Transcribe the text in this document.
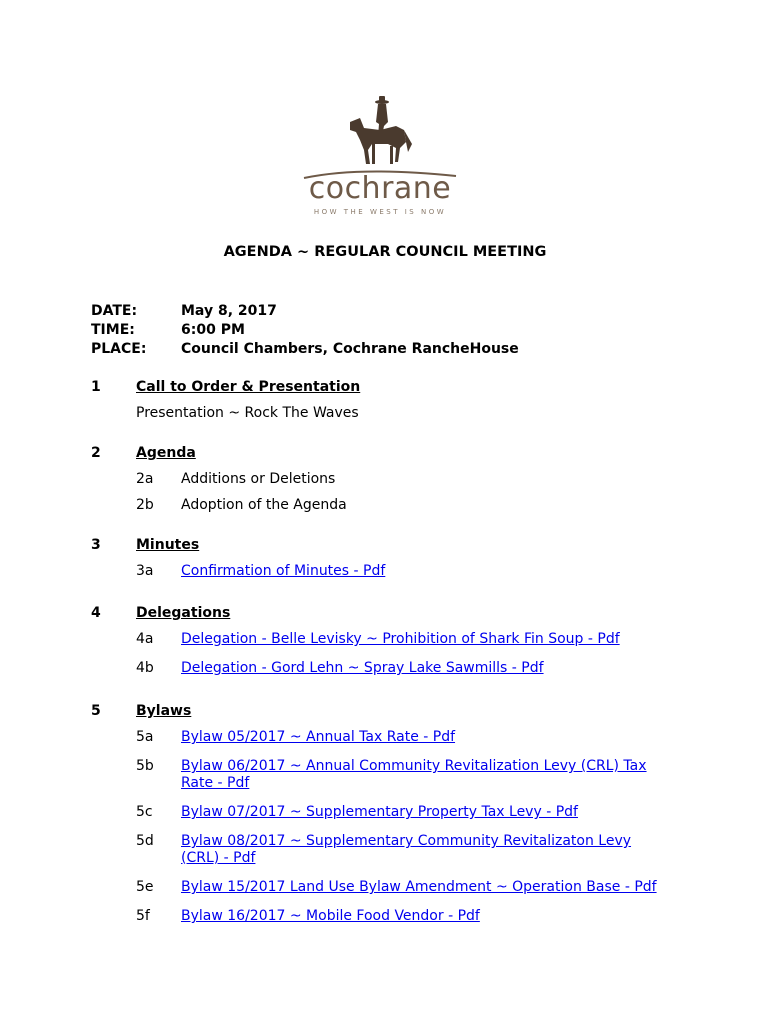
cochrane
HOW THE WEST IS NOW
AGENDA ~ REGULAR COUNCIL MEETING
DATE:	May 8, 2017
TIME:	6:00 PM
PLACE: Council Chambers, Cochrane RancheHouse
1	Call to Order & Presentation
Presentation ~ Rock The Waves
2	Agenda
2a Additions or Deletions
2b Adoption of the Agenda
3	Minutes
3a Confirmation of Minutes - Pdf
4	Delegations
4a Delegation - Belle Levisky ~ Prohibition of Shark Fin Soup - Pdf
4b Delegation - Gord Lehn ~ Spray Lake Sawmills - Pdf
5	Bylaws
5a Bylaw 05/2017 ~ Annual Tax Rate - Pdf
5b Bylaw 06/2017 ~ Annual Community Revitalization Levy (CRL) Tax Rate - Pdf
5c Bylaw 07/2017 ~ Supplementary Property Tax Levy - Pdf
5d Bylaw 08/2017 ~ Supplementary Community Revitalizaton Levy (CRL) - Pdf
5e Bylaw 15/2017 Land Use Bylaw Amendment ~ Operation Base - Pdf
5f Bylaw 16/2017 ~ Mobile Food Vendor - Pdf
